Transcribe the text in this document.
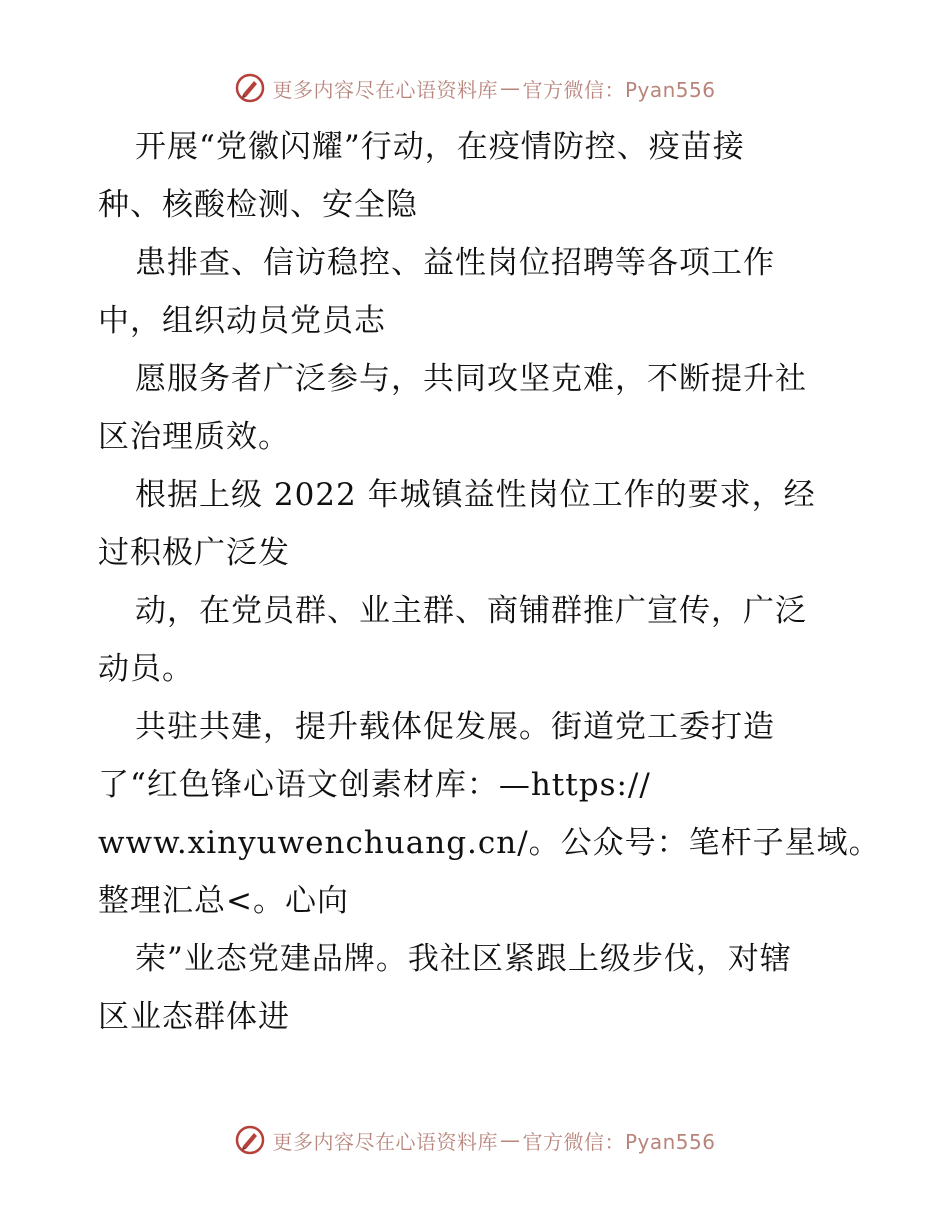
更多内容尽在心语资料库 — 官方微信：Pyan556
开展“党徽闪耀”行动，在疫情防控、疫苗接
种、核酸检测、安全隐
患排查、信访稳控、益性岗位招聘等各项工作
中，组织动员党员志
愿服务者广泛参与，共同攻坚克难，不断提升社
区治理质效。
根据上级 2022 年城镇益性岗位工作的要求，经
过积极广泛发
动，在党员群、业主群、商铺群推广宣传，广泛
动员。
共驻共建，提升载体促发展。街道党工委打造
了“红色锋心语文创素材库：—https://
www.xinyuwenchuang.cn/。公众号：笔杆子星域。
整理汇总<。心向
荣”业态党建品牌。我社区紧跟上级步伐，对辖
区业态群体进
更多内容尽在心语资料库 — 官方微信：Pyan556
